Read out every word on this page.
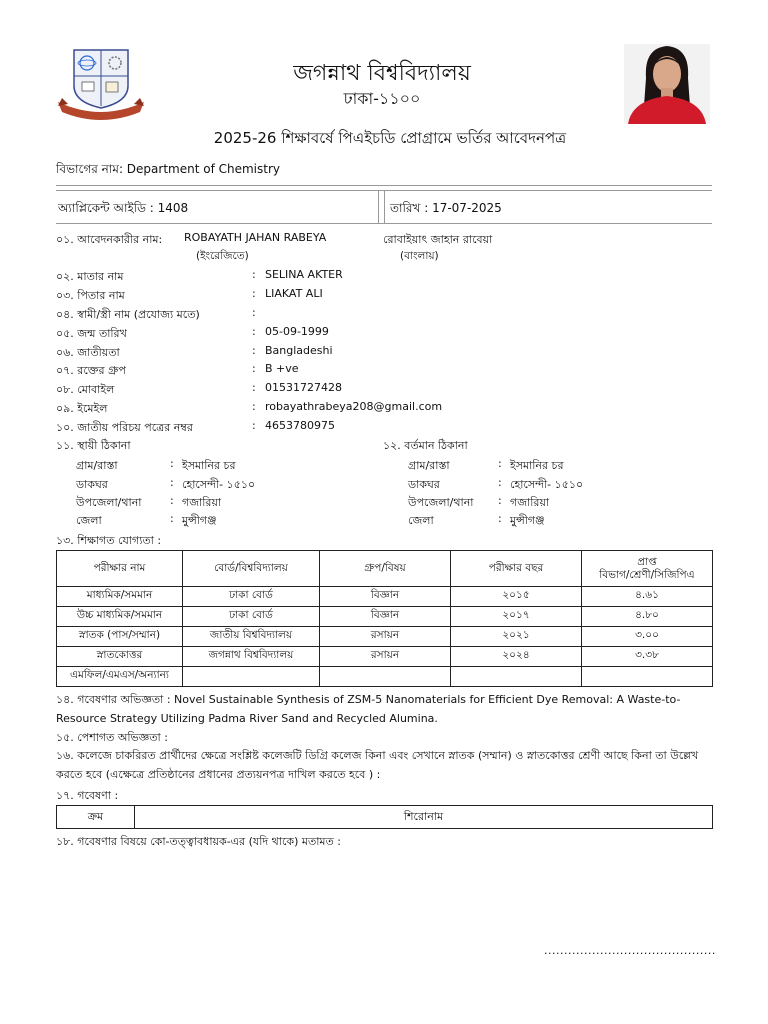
জগন্নাথ বিশ্ববিদ্যালয়
ঢাকা-১১০০
2025-26 শিক্ষাবর্ষে পিএইচডি প্রোগ্রামে ভর্তির আবেদনপত্র
বিভাগের নাম: Department of Chemistry
অ্যাপ্লিকেন্ট আইডি : 1408	তারিখ : 17-07-2025
০১. আবেদনকারীর নাম: ROBAYATH JAHAN RABEYA
(ইংরেজিতে)
রোবাইয়াৎ জাহান রাবেয়া
(বাংলায়)
০২. মাতার নাম	: SELINA AKTER
০৩. পিতার নাম	: LIAKAT ALI
০৪. স্বামী/স্ত্রী নাম (প্রযোজ্য মতে)	:
০৫. জন্ম তারিখ	: 05-09-1999
০৬. জাতীয়তা	: Bangladeshi
০৭. রক্তের গ্রুপ	: B +ve
০৮. মোবাইল	: 01531727428
০৯. ইমেইল	: robayathrabeya208@gmail.com
১০. জাতীয় পরিচয় পত্রের নম্বর	: 4653780975
১১. স্থায়ী ঠিকানা	১২. বর্তমান ঠিকানা
গ্রাম/রাস্তা	: ইসমানির চর
ডাকঘর	: হোসেন্দী- ১৫১০
উপজেলা/থানা	: গজারিয়া
জেলা	: মুন্সীগঞ্জ
গ্রাম/রাস্তা	: ইসমানির চর
ডাকঘর	: হোসেন্দী- ১৫১০
উপজেলা/থানা : গজারিয়া
জেলা	: মুন্সীগঞ্জ
১৩. শিক্ষাগত যোগ্যতা :
পরীক্ষার নাম	বোর্ড/বিশ্ববিদ্যালয়	গ্রুপ/বিষয়	পরীক্ষার বছর	প্রাপ্ত
বিভাগ/শ্রেণী/সিজিপিএ
মাধ্যমিক/সমমান	ঢাকা বোর্ড	বিজ্ঞান	২০১৫	৪.৬১
উচ্চ মাধ্যমিক/সমমান	ঢাকা বোর্ড	বিজ্ঞান	২০১৭	৪.৮০
স্নাতক (পাস/সম্মান)	জাতীয় বিশ্ববিদ্যালয়	রসায়ন	২০২১	৩.০০
স্নাতকোত্তর	জগন্নাথ বিশ্ববিদ্যালয়	রসায়ন	২০২৪	৩.৩৮
এমফিল/এমএস/অন্যান্য				
১৪. গবেষণার অভিজ্ঞতা : Novel Sustainable Synthesis of ZSM-5 Nanomaterials for Efficient Dye Removal: A Waste-to-Resource Strategy Utilizing Padma River Sand and Recycled Alumina.
১৫. পেশাগত অভিজ্ঞতা :
১৬. কলেজে চাকরিরত প্রার্থীদের ক্ষেত্রে সংশ্লিষ্ট কলেজটি ডিগ্রি কলেজ কিনা এবং সেখানে স্নাতক (সম্মান) ও স্নাতকোত্তর শ্রেণী আছে কিনা তা উল্লেখ করতে হবে (এক্ষেত্রে প্রতিষ্ঠানের প্রধানের প্রত্যয়নপত্র দাখিল করতে হবে ) :
১৭. গবেষণা :
ক্রম	শিরোনাম
১৮. গবেষণার বিষয়ে কো-তত্ত্বাবধায়ক-এর (যদি থাকে) মতামত :
...........................................
